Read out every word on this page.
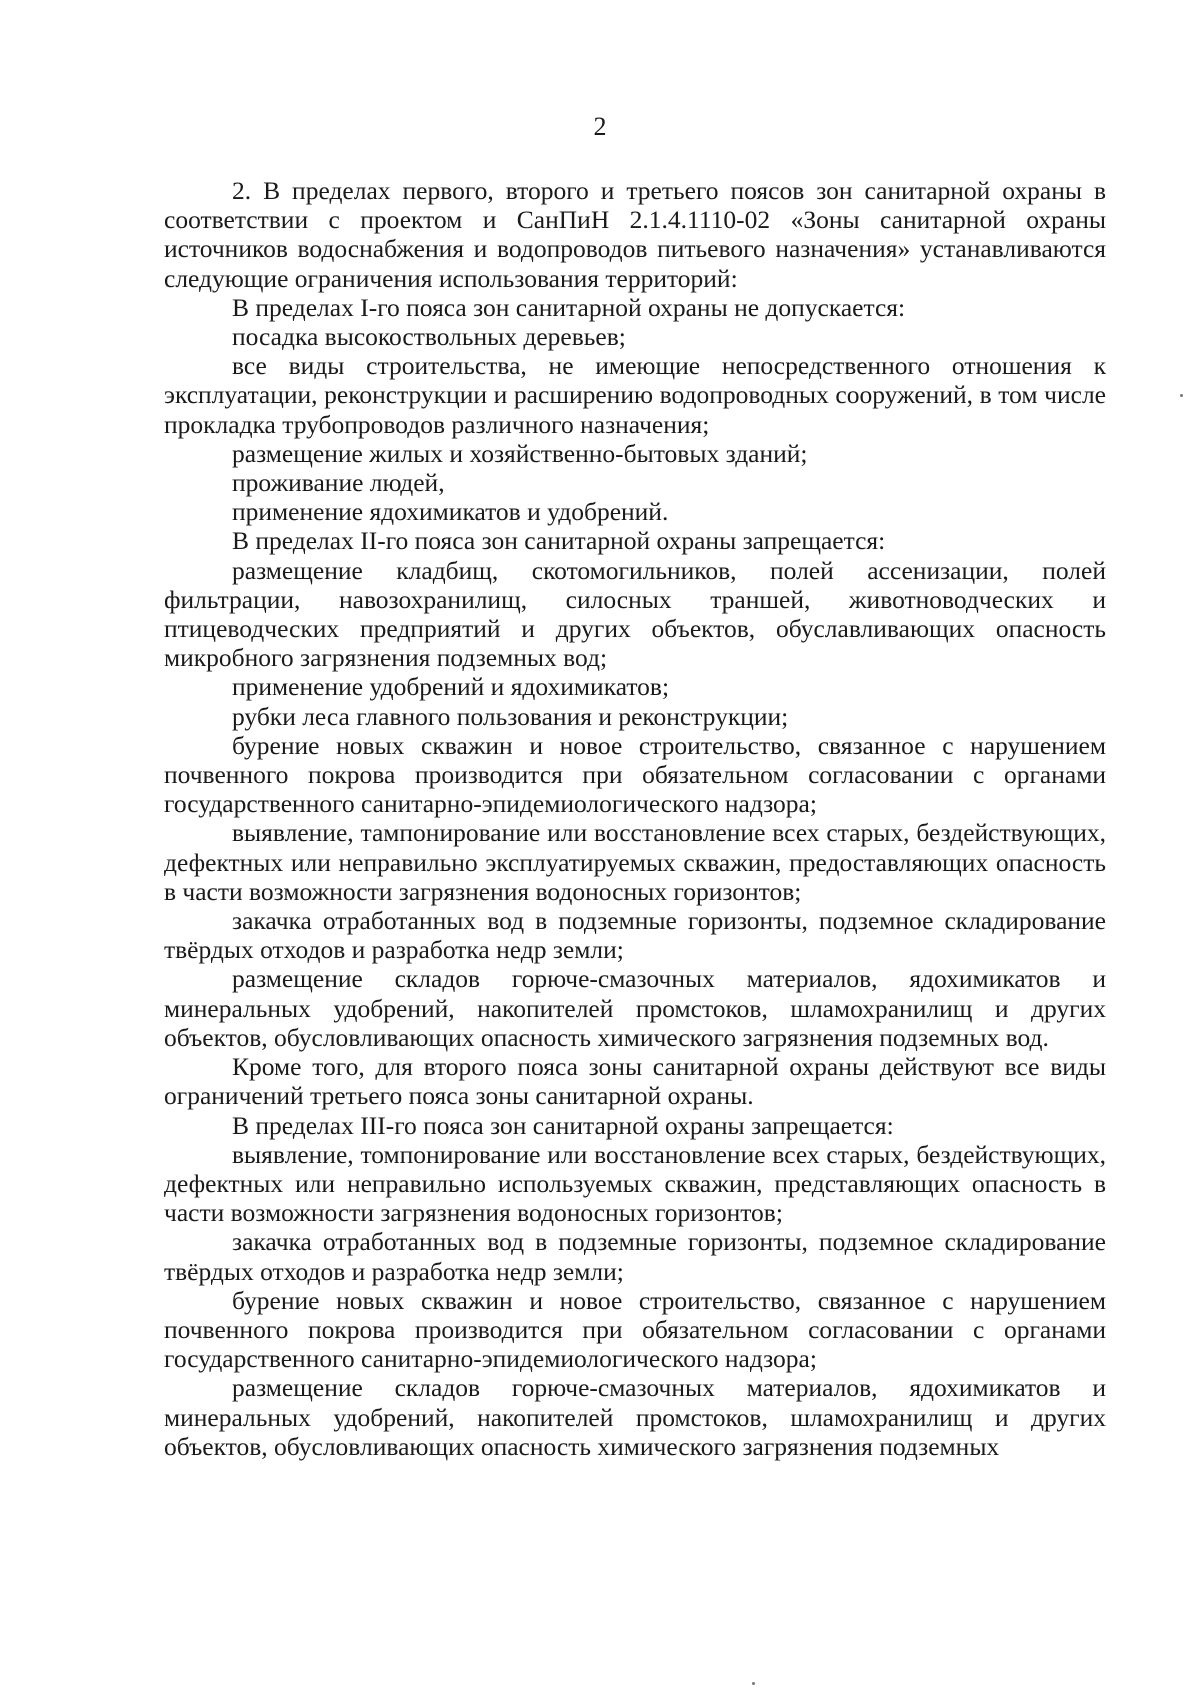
2

2. В пределах первого, второго и третьего поясов зон санитарной охраны в соответствии с проектом и СанПиН 2.1.4.1110-02 «Зоны санитарной охраны источников водоснабжения и водопроводов питьевого назначения» устанавливаются следующие ограничения использования территорий:

В пределах I-го пояса зон санитарной охраны не допускается:

посадка высокоствольных деревьев;

все виды строительства, не имеющие непосредственного отношения к эксплуатации, реконструкции и расширению водопроводных сооружений, в том числе прокладка трубопроводов различного назначения;

размещение жилых и хозяйственно-бытовых зданий;

проживание людей,

применение ядохимикатов и удобрений.

В пределах II-го пояса зон санитарной охраны запрещается:

размещение кладбищ, скотомогильников, полей ассенизации, полей фильтрации, навозохранилищ, силосных траншей, животноводческих и птицеводческих предприятий и других объектов, обуславливающих опасность микробного загрязнения подземных вод;

применение удобрений и ядохимикатов;

рубки леса главного пользования и реконструкции;

бурение новых скважин и новое строительство, связанное с нарушением почвенного покрова производится при обязательном согласовании с органами государственного санитарно-эпидемиологического надзора;

выявление, тампонирование или восстановление всех старых, бездействующих, дефектных или неправильно эксплуатируемых скважин, предоставляющих опасность в части возможности загрязнения водоносных горизонтов;

закачка отработанных вод в подземные горизонты, подземное складирование твёрдых отходов и разработка недр земли;

размещение складов горюче-смазочных материалов, ядохимикатов и минеральных удобрений, накопителей промстоков, шламохранилищ и других объектов, обусловливающих опасность химического загрязнения подземных вод.

Кроме того, для второго пояса зоны санитарной охраны действуют все виды ограничений третьего пояса зоны санитарной охраны.

В пределах III-го пояса зон санитарной охраны запрещается:

выявление, томпонирование или восстановление всех старых, бездействующих, дефектных или неправильно используемых скважин, представляющих опасность в части возможности загрязнения водоносных горизонтов;

закачка отработанных вод в подземные горизонты, подземное складирование твёрдых отходов и разработка недр земли;

бурение новых скважин и новое строительство, связанное с нарушением почвенного покрова производится при обязательном согласовании с органами государственного санитарно-эпидемиологического надзора;

размещение складов горюче-смазочных материалов, ядохимикатов и минеральных удобрений, накопителей промстоков, шламохранилищ и других объектов, обусловливающих опасность химического загрязнения подземных
